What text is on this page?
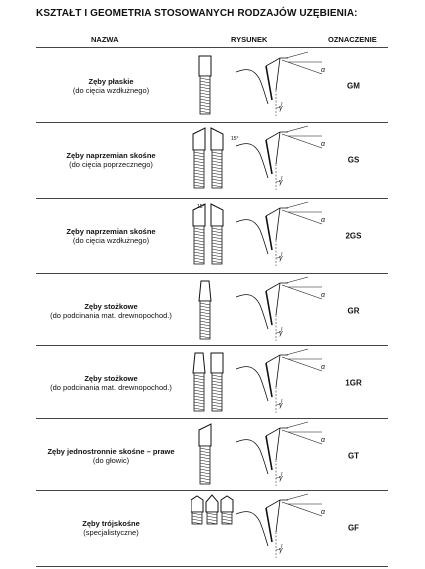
KSZTAŁT I GEOMETRIA STOSOWANYCH RODZAJÓW UZĘBIENIA:
NAZWA	RYSUNEK	OZNACZENIE
Zęby płaskie
(do cięcia wzdłużnego)
α
γ
GM
Zęby naprzemian skośne
(do cięcia poprzecznego)
α
γ
15°
GS
Zęby naprzemian skośne
(do cięcia wzdłużnego)
α
γ
15°
2GS
Zęby stożkowe
(do podcinania mat. drewnopochod.)
α
γ
GR
Zęby stożkowe
(do podcinania mat. drewnopochod.)
α
γ
1GR
Zęby jednostronnie skośne – prawe
(do głowic)
α
γ
GT
Zęby trójskośne
(specjalistyczne)
α
γ
GF
